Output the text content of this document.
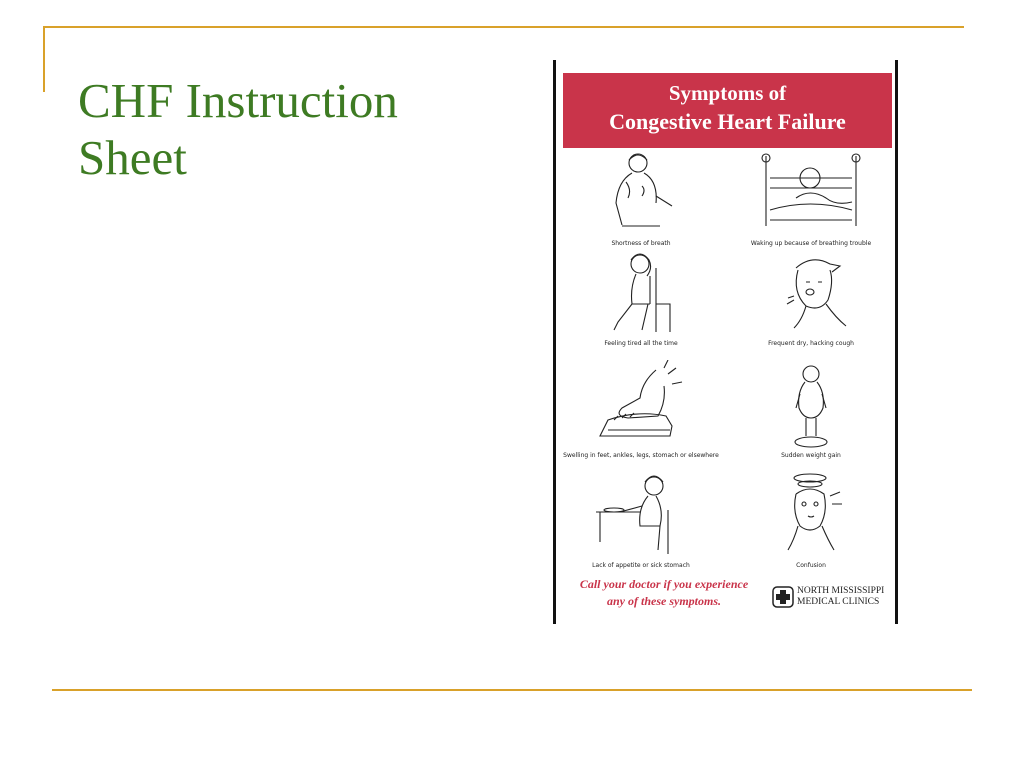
CHF Instruction
Sheet
Symptoms of
Congestive Heart Failure
Shortness of breath	Waking up because of breathing trouble
Feeling tired all the time	Frequent dry, hacking cough
Swelling in feet, ankles, legs, stomach or elsewhere	Sudden weight gain
Lack of appetite or sick stomach	Confusion
Call your doctor if you experience
any of these symptoms.
NORTH MISSISSIPPI
MEDICAL CLINICS
